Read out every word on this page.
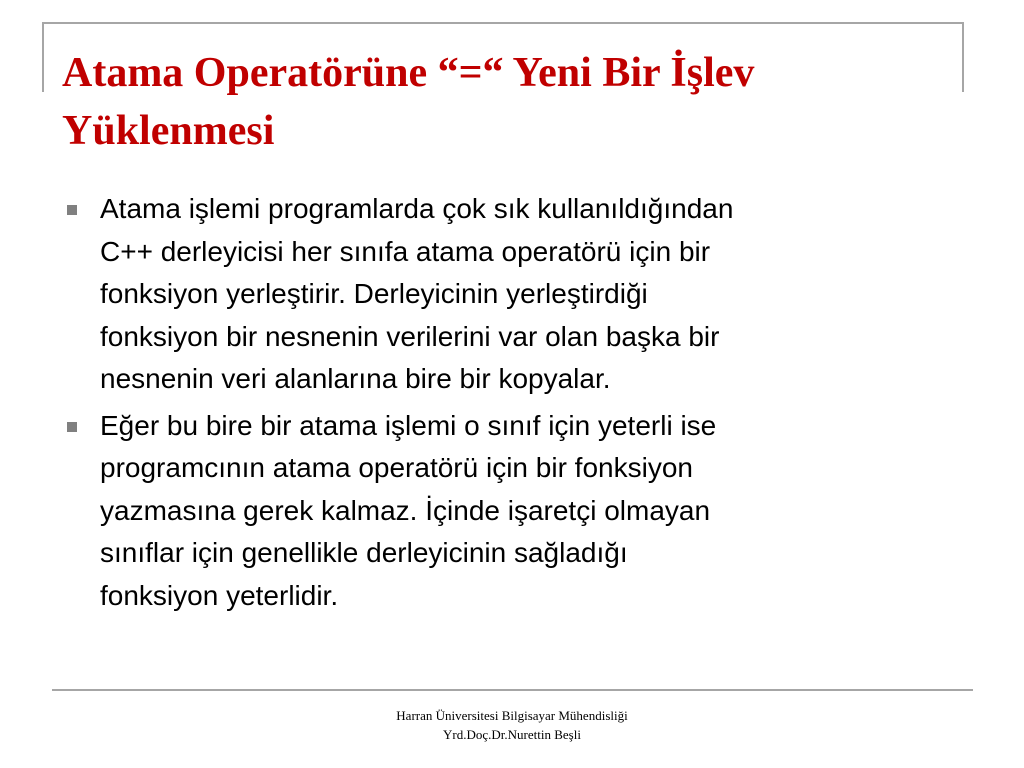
Atama Operatörüne “=“ Yeni Bir İşlev
Yüklenmesi
Atama işlemi programlarda çok sık kullanıldığından
C++ derleyicisi her sınıfa atama operatörü için bir
fonksiyon yerleştirir. Derleyicinin yerleştirdiği
fonksiyon bir nesnenin verilerini var olan başka bir
nesnenin veri alanlarına bire bir kopyalar.
Eğer bu bire bir atama işlemi o sınıf için yeterli ise
programcının atama operatörü için bir fonksiyon
yazmasına gerek kalmaz. İçinde işaretçi olmayan
sınıflar için genellikle derleyicinin sağladığı
fonksiyon yeterlidir.
Harran Üniversitesi Bilgisayar Mühendisliği
Yrd.Doç.Dr.Nurettin Beşli
